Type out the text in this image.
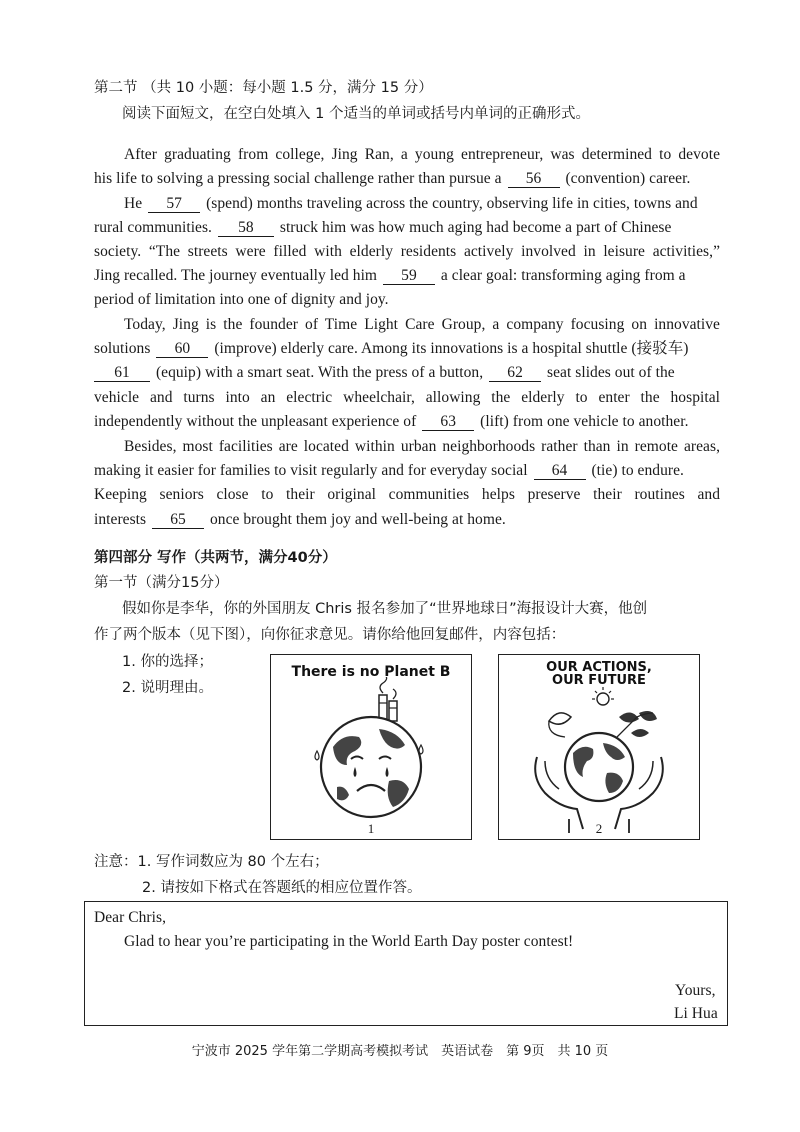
第二节 （共 10 小题：每小题 1.5 分，满分 15 分）
阅读下面短文，在空白处填入 1 个适当的单词或括号内单词的正确形式。
After graduating from college, Jing Ran, a young entrepreneur, was determined to devote
his life to solving a pressing social challenge rather than pursue a 56 (convention) career.
He 57 (spend) months traveling across the country, observing life in cities, towns and
rural communities. 58 struck him was how much aging had become a part of Chinese
society. “The streets were filled with elderly residents actively involved in leisure activities,”
Jing recalled. The journey eventually led him 59 a clear goal: transforming aging from a
period of limitation into one of dignity and joy.
Today, Jing is the founder of Time Light Care Group, a company focusing on innovative
solutions 60 (improve) elderly care. Among its innovations is a hospital shuttle (接驳车)
61 (equip) with a smart seat. With the press of a button, 62 seat slides out of the
vehicle and turns into an electric wheelchair, allowing the elderly to enter the hospital
independently without the unpleasant experience of 63 (lift) from one vehicle to another.
Besides, most facilities are located within urban neighborhoods rather than in remote areas,
making it easier for families to visit regularly and for everyday social 64 (tie) to endure.
Keeping seniors close to their original communities helps preserve their routines and
interests 65 once brought them joy and well-being at home.
第四部分 写作（共两节，满分40分）
第一节（满分15分）
假如你是李华，你的外国朋友 Chris 报名参加了“世界地球日”海报设计大赛，他创
作了两个版本（见下图），向你征求意见。请你给他回复邮件，内容包括：
1. 你的选择；
2. 说明理由。
There is no Planet B
1
OUR ACTIONS,
OUR FUTURE
2
注意：1. 写作词数应为 80 个左右；
2. 请按如下格式在答题纸的相应位置作答。
Dear Chris,
Glad to hear you’re participating in the World Earth Day poster contest!
Yours,
Li Hua
宁波市 2025 学年第二学期高考模拟考试　英语试卷　第 9页　共 10 页
